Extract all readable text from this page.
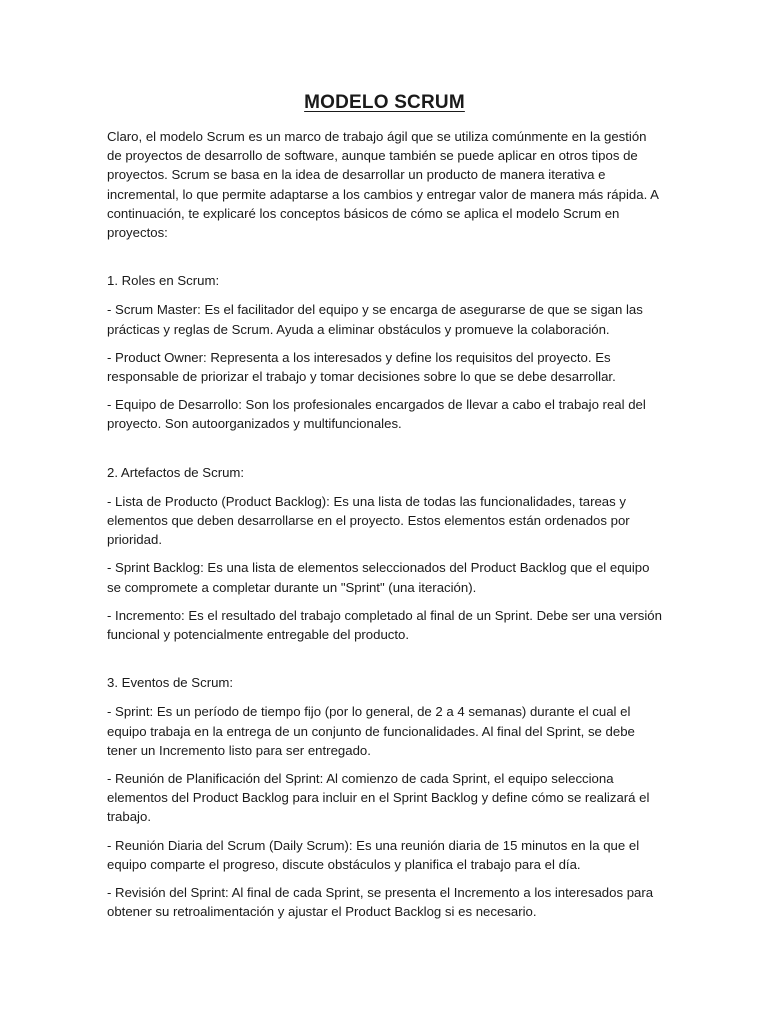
MODELO SCRUM

Claro, el modelo Scrum es un marco de trabajo ágil que se utiliza comúnmente en la gestión de proyectos de desarrollo de software, aunque también se puede aplicar en otros tipos de proyectos. Scrum se basa en la idea de desarrollar un producto de manera iterativa e incremental, lo que permite adaptarse a los cambios y entregar valor de manera más rápida. A continuación, te explicaré los conceptos básicos de cómo se aplica el modelo Scrum en proyectos:

1. Roles en Scrum:

- Scrum Master: Es el facilitador del equipo y se encarga de asegurarse de que se sigan las prácticas y reglas de Scrum. Ayuda a eliminar obstáculos y promueve la colaboración.

- Product Owner: Representa a los interesados y define los requisitos del proyecto. Es responsable de priorizar el trabajo y tomar decisiones sobre lo que se debe desarrollar.

- Equipo de Desarrollo: Son los profesionales encargados de llevar a cabo el trabajo real del proyecto. Son autoorganizados y multifuncionales.

2. Artefactos de Scrum:

- Lista de Producto (Product Backlog): Es una lista de todas las funcionalidades, tareas y elementos que deben desarrollarse en el proyecto. Estos elementos están ordenados por prioridad.

- Sprint Backlog: Es una lista de elementos seleccionados del Product Backlog que el equipo se compromete a completar durante un "Sprint" (una iteración).

- Incremento: Es el resultado del trabajo completado al final de un Sprint. Debe ser una versión funcional y potencialmente entregable del producto.

3. Eventos de Scrum:

- Sprint: Es un período de tiempo fijo (por lo general, de 2 a 4 semanas) durante el cual el equipo trabaja en la entrega de un conjunto de funcionalidades. Al final del Sprint, se debe tener un Incremento listo para ser entregado.

- Reunión de Planificación del Sprint: Al comienzo de cada Sprint, el equipo selecciona elementos del Product Backlog para incluir en el Sprint Backlog y define cómo se realizará el trabajo.

- Reunión Diaria del Scrum (Daily Scrum): Es una reunión diaria de 15 minutos en la que el equipo comparte el progreso, discute obstáculos y planifica el trabajo para el día.

- Revisión del Sprint: Al final de cada Sprint, se presenta el Incremento a los interesados para obtener su retroalimentación y ajustar el Product Backlog si es necesario.
